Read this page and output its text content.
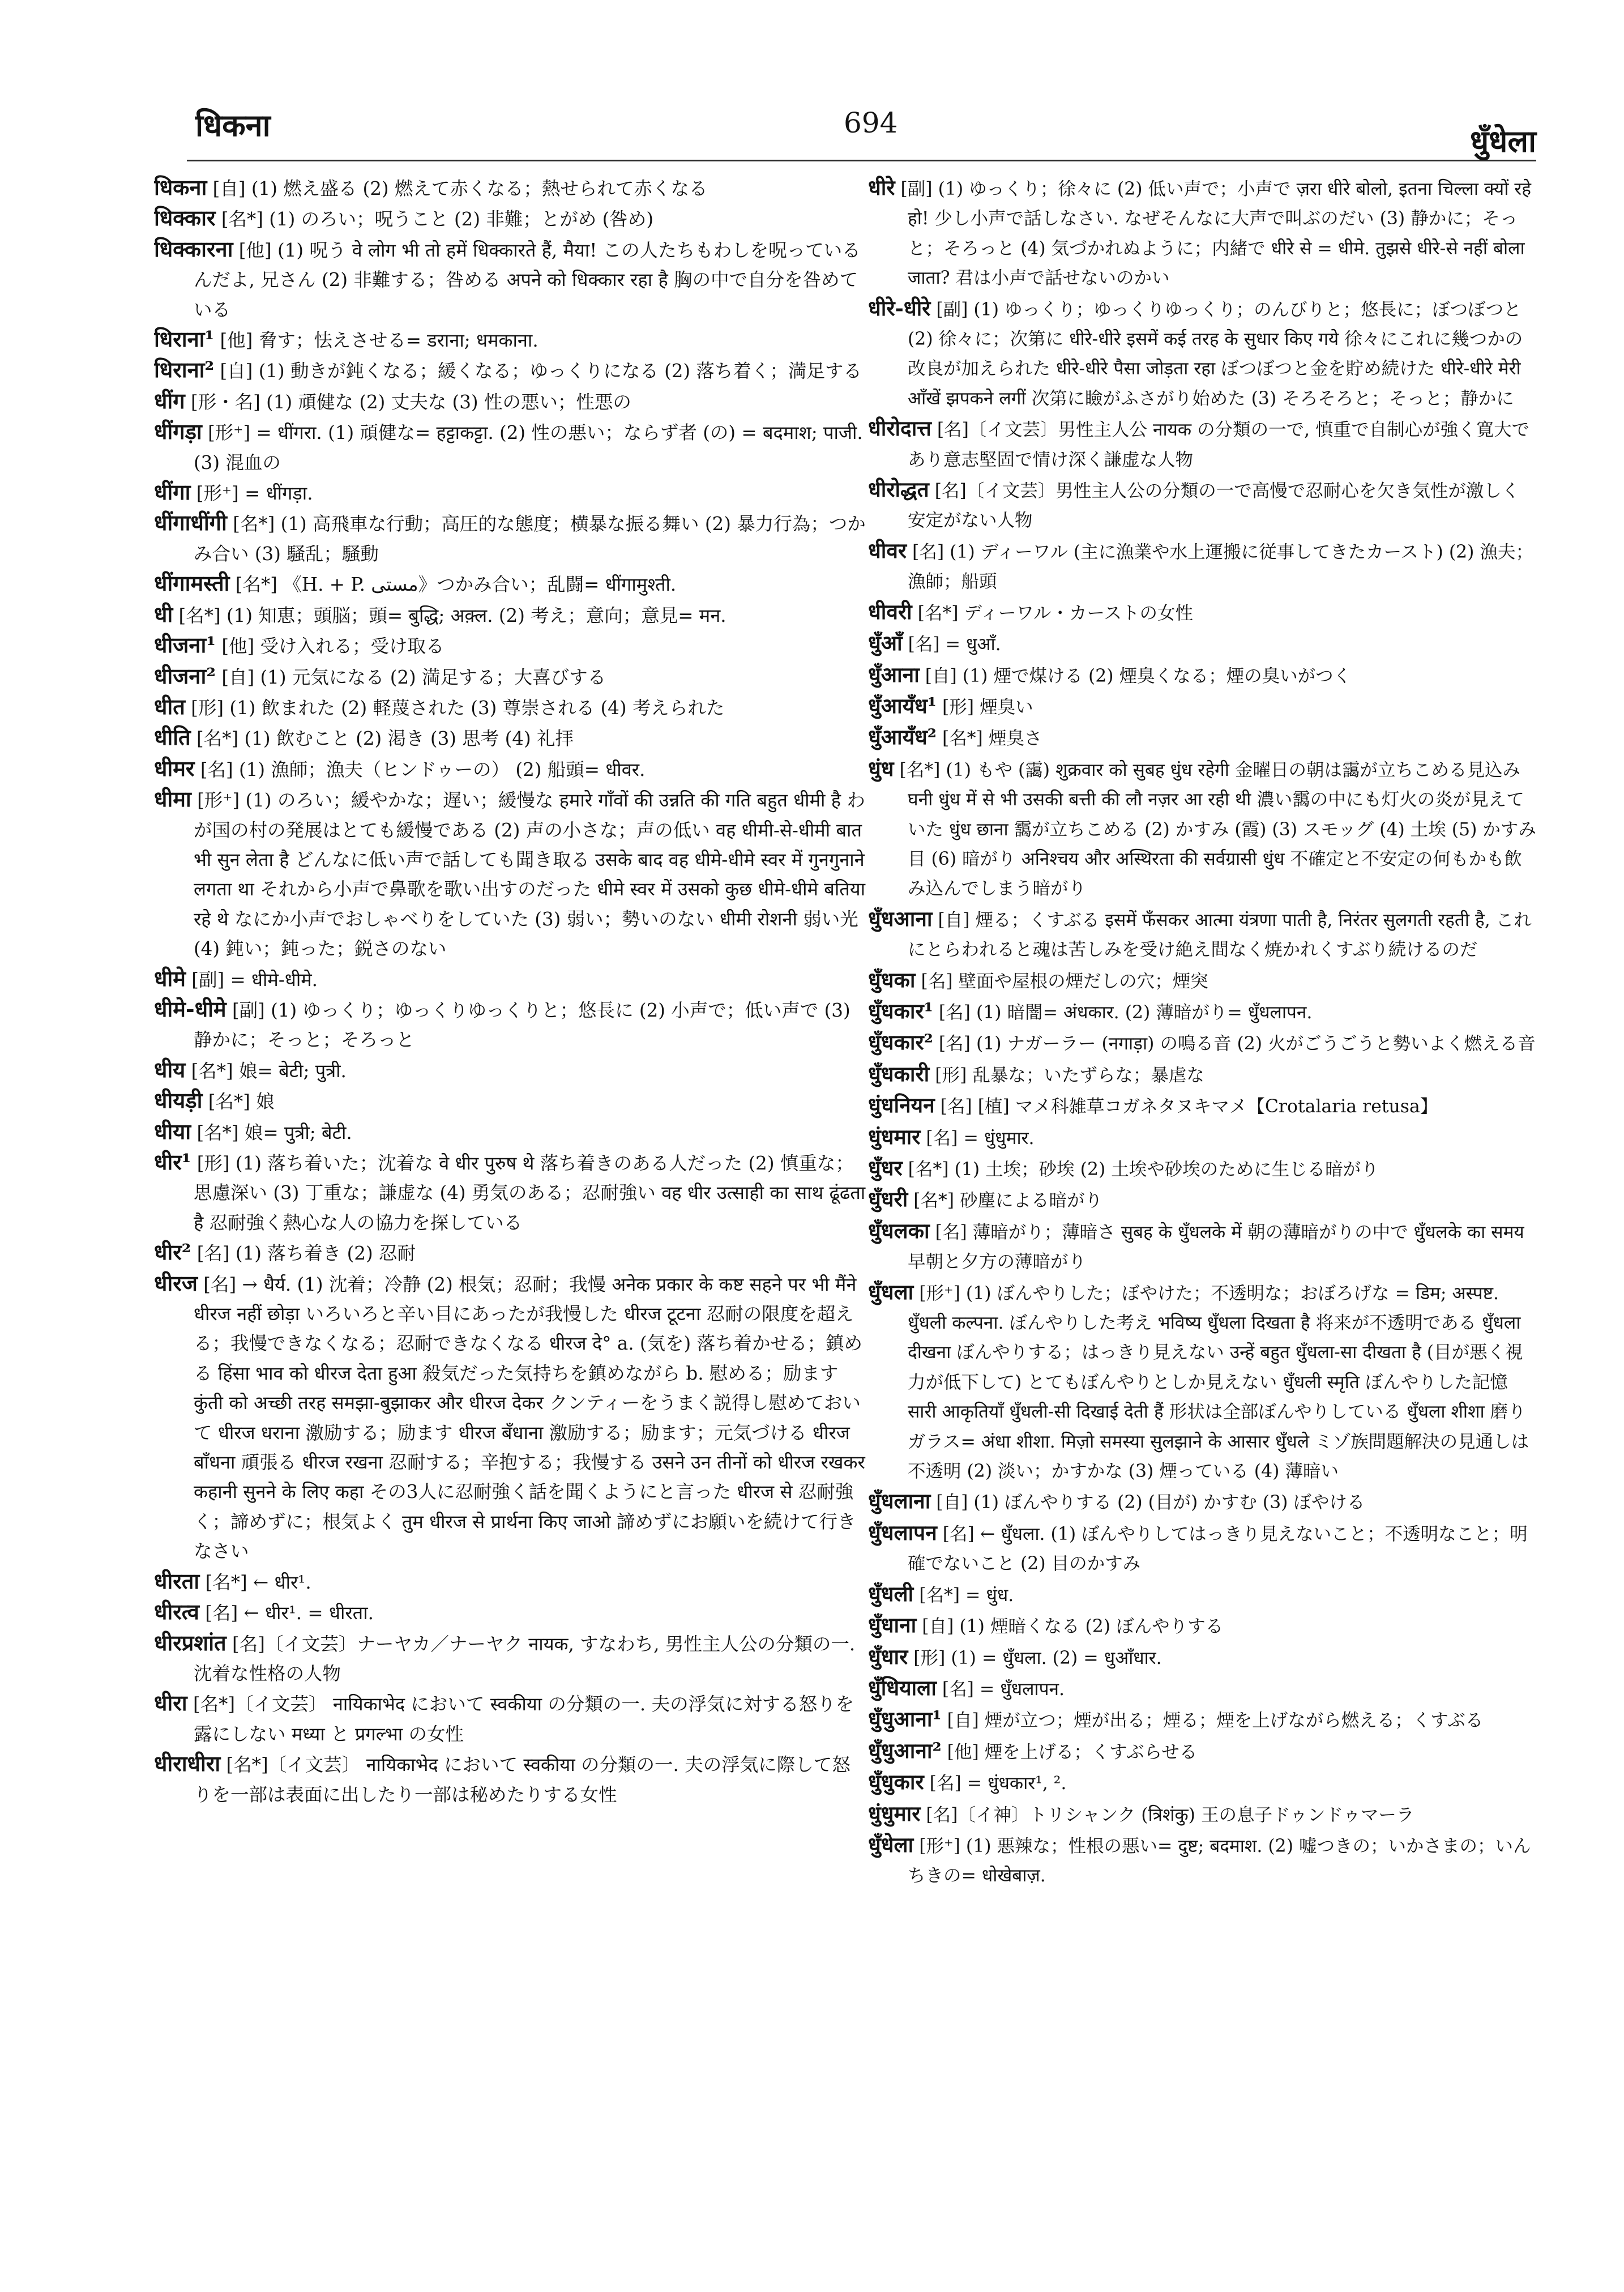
धिकना	694	धुँधेला

धिकना [自] (1) 燃え盛る (2) 燃えて赤くなる；熱せられて赤くなる

धिक्कार [名*] (1) のろい；呪うこと (2) 非難；とがめ (咎め)

धिक्कारना [他] (1) 呪う वे लोग भी तो हमें धिक्कारते हैं, मैया! この人たちもわしを呪っているんだよ, 兄さん (2) 非難する；咎める अपने को धिक्कार रहा है 胸の中で自分を咎めている

धिराना¹ [他] 脅す；怯えさせる= डराना; धमकाना.

धिराना² [自] (1) 動きが鈍くなる；緩くなる；ゆっくりになる (2) 落ち着く；満足する

धींग [形・名] (1) 頑健な (2) 丈夫な (3) 性の悪い；性悪の

धींगड़ा [形⁺] = धींगरा. (1) 頑健な= हट्टाकट्टा. (2) 性の悪い；ならず者 (の) = बदमाश; पाजी. (3) 混血の

धींगा [形⁺] = धींगड़ा.

धींगाधींगी [名*] (1) 高飛車な行動；高圧的な態度；横暴な振る舞い (2) 暴力行為；つかみ合い (3) 騒乱；騒動

धींगामस्ती [名*] 《H. + P. مستی》つかみ合い；乱闘= धींगामुश्ती.

धी [名*] (1) 知恵；頭脳；頭= बुद्धि; अक़्ल. (2) 考え；意向；意見= मन.

धीजना¹ [他] 受け入れる；受け取る

धीजना² [自] (1) 元気になる (2) 満足する；大喜びする

धीत [形] (1) 飲まれた (2) 軽蔑された (3) 尊崇される (4) 考えられた

धीति [名*] (1) 飲むこと (2) 渇き (3) 思考 (4) 礼拝

धीमर [名] (1) 漁師；漁夫（ヒンドゥーの） (2) 船頭= धीवर.

धीमा [形⁺] (1) のろい；緩やかな；遅い；緩慢な हमारे गाँवों की उन्नति की गति बहुत धीमी है わが国の村の発展はとても緩慢である (2) 声の小さな；声の低い वह धीमी-से-धीमी बात भी सुन लेता है どんなに低い声で話しても聞き取る उसके बाद वह धीमे-धीमे स्वर में गुनगुनाने लगता था それから小声で鼻歌を歌い出すのだった धीमे स्वर में उसको कुछ धीमे-धीमे बतिया रहे थे なにか小声でおしゃべりをしていた (3) 弱い；勢いのない धीमी रोशनी 弱い光 (4) 鈍い；鈍った；鋭さのない

धीमे [副] = धीमे-धीमे.

धीमे-धीमे [副] (1) ゆっくり；ゆっくりゆっくりと；悠長に (2) 小声で；低い声で (3) 静かに；そっと；そろっと

धीय [名*] 娘= बेटी; पुत्री.

धीयड़ी [名*] 娘

धीया [名*] 娘= पुत्री; बेटी.

धीर¹ [形] (1) 落ち着いた；沈着な वे धीर पुरुष थे 落ち着きのある人だった (2) 慎重な；思慮深い (3) 丁重な；謙虚な (4) 勇気のある；忍耐強い वह धीर उत्साही का साथ ढूंढता है 忍耐強く熱心な人の協力を探している

धीर² [名] (1) 落ち着き (2) 忍耐

धीरज [名] → धैर्य. (1) 沈着；冷静 (2) 根気；忍耐；我慢 अनेक प्रकार के कष्ट सहने पर भी मैंने धीरज नहीं छोड़ा いろいろと辛い目にあったが我慢した धीरज टूटना 忍耐の限度を超える；我慢できなくなる；忍耐できなくなる धीरज दे° a. (気を) 落ち着かせる；鎮める हिंसा भाव को धीरज देता हुआ 殺気だった気持ちを鎮めながら b. 慰める；励ます कुंती को अच्छी तरह समझा-बुझाकर और धीरज देकर クンティーをうまく説得し慰めておいて धीरज धराना 激励する；励ます धीरज बँधाना 激励する；励ます；元気づける धीरज बाँधना 頑張る धीरज रखना 忍耐する；辛抱する；我慢する उसने उन तीनों को धीरज रखकर कहानी सुनने के लिए कहा その3人に忍耐強く話を聞くようにと言った धीरज से 忍耐強く；諦めずに；根気よく तुम धीरज से प्रार्थना किए जाओ 諦めずにお願いを続けて行きなさい

धीरता [名*] ← धीर¹.

धीरत्व [名] ← धीर¹. = धीरता.

धीरप्रशांत [名]〔イ文芸〕ナーヤカ／ナーヤク नायक, すなわち, 男性主人公の分類の一. 沈着な性格の人物

धीरा [名*]〔イ文芸〕 नायिकाभेद において स्वकीया の分類の一. 夫の浮気に対する怒りを露にしない मध्या と प्रगल्भा の女性

धीराधीरा [名*]〔イ文芸〕 नायिकाभेद において स्वकीया の分類の一. 夫の浮気に際して怒りを一部は表面に出したり一部は秘めたりする女性

धीरे [副] (1) ゆっくり；徐々に (2) 低い声で；小声で ज़रा धीरे बोलो, इतना चिल्ला क्यों रहे हो! 少し小声で話しなさい. なぜそんなに大声で叫ぶのだい (3) 静かに；そっと；そろっと (4) 気づかれぬように；内緒で धीरे से = धीमे. तुझसे धीरे-से नहीं बोला जाता? 君は小声で話せないのかい

धीरे-धीरे [副] (1) ゆっくり；ゆっくりゆっくり；のんびりと；悠長に；ぼつぼつと (2) 徐々に；次第に धीरे-धीरे इसमें कई तरह के सुधार किए गये 徐々にこれに幾つかの改良が加えられた धीरे-धीरे पैसा जोड़ता रहा ぼつぼつと金を貯め続けた धीरे-धीरे मेरी आँखें झपकने लगीं 次第に瞼がふさがり始めた (3) そろそろと；そっと；静かに

धीरोदात्त [名]〔イ文芸〕男性主人公 नायक の分類の一で, 慎重で自制心が強く寛大であり意志堅固で情け深く謙虚な人物

धीरोद्धत [名]〔イ文芸〕男性主人公の分類の一で高慢で忍耐心を欠き気性が激しく安定がない人物

धीवर [名] (1) ディーワル (主に漁業や水上運搬に従事してきたカースト) (2) 漁夫；漁師；船頭

धीवरी [名*] ディーワル・カーストの女性

धुँआँ [名] = धुआँ.

धुँआना [自] (1) 煙で煤ける (2) 煙臭くなる；煙の臭いがつく

धुँआयँध¹ [形] 煙臭い

धुँआयँध² [名*] 煙臭さ

धुंध [名*] (1) もや (靄) शुक्रवार को सुबह धुंध रहेगी 金曜日の朝は靄が立ちこめる見込み घनी धुंध में से भी उसकी बत्ती की लौ नज़र आ रही थी 濃い靄の中にも灯火の炎が見えていた धुंध छाना 靄が立ちこめる (2) かすみ (霞) (3) スモッグ (4) 土埃 (5) かすみ目 (6) 暗がり अनिश्चय और अस्थिरता की सर्वग्रासी धुंध 不確定と不安定の何もかも飲み込んでしまう暗がり

धुँधआना [自] 煙る；くすぶる इसमें फँसकर आत्मा यंत्रणा पाती है, निरंतर सुलगती रहती है, これにとらわれると魂は苦しみを受け絶え間なく焼かれくすぶり続けるのだ

धुँधका [名] 壁面や屋根の煙だしの穴；煙突

धुँधकार¹ [名] (1) 暗闇= अंधकार. (2) 薄暗がり= धुँधलापन.

धुँधकार² [名] (1) ナガーラー (नगाड़ा) の鳴る音 (2) 火がごうごうと勢いよく燃える音

धुँधकारी [形] 乱暴な；いたずらな；暴虐な

धुंधनियन [名] [植] マメ科雑草コガネタヌキマメ【Crotalaria retusa】

धुंधमार [名] = धुंधुमार.

धुँधर [名*] (1) 土埃；砂埃 (2) 土埃や砂埃のために生じる暗がり

धुँधरी [名*] 砂塵による暗がり

धुँधलका [名] 薄暗がり；薄暗さ सुबह के धुँधलके में 朝の薄暗がりの中で धुँधलके का समय 早朝と夕方の薄暗がり

धुँधला [形⁺] (1) ぼんやりした；ぼやけた；不透明な；おぼろげな = डिम; अस्पष्ट. धुँधली कल्पना. ぼんやりした考え भविष्य धुँधला दिखता है 将来が不透明である धुँधला दीखना ぼんやりする；はっきり見えない उन्हें बहुत धुँधला-सा दीखता है (目が悪く視力が低下して) とてもぼんやりとしか見えない धुँधली स्मृति ぼんやりした記憶 सारी आकृतियाँ धुँधली-सी दिखाई देती हैं 形状は全部ぼんやりしている धुँधला शीशा 磨りガラス= अंधा शीशा. मिज़ो समस्या सुलझाने के आसार धुँधले ミゾ族問題解決の見通しは不透明 (2) 淡い；かすかな (3) 煙っている (4) 薄暗い

धुँधलाना [自] (1) ぼんやりする (2) (目が) かすむ (3) ぼやける

धुँधलापन [名] ← धुँधला. (1) ぼんやりしてはっきり見えないこと；不透明なこと；明確でないこと (2) 目のかすみ

धुँधली [名*] = धुंध.

धुँधाना [自] (1) 煙暗くなる (2) ぼんやりする

धुँधार [形] (1) = धुँधला. (2) = धुआँधार.

धुँधियाला [名] = धुँधलापन.

धुँधुआना¹ [自] 煙が立つ；煙が出る；煙る；煙を上げながら燃える；くすぶる

धुँधुआना² [他] 煙を上げる；くすぶらせる

धुँधुकार [名] = धुंधकार¹, ².

धुंधुमार [名]〔イ神〕トリシャンク (त्रिशंकु) 王の息子ドゥンドゥマーラ

धुँधेला [形⁺] (1) 悪辣な；性根の悪い= दुष्ट; बदमाश. (2) 嘘つきの；いかさまの；いんちきの= धोखेबाज़.
